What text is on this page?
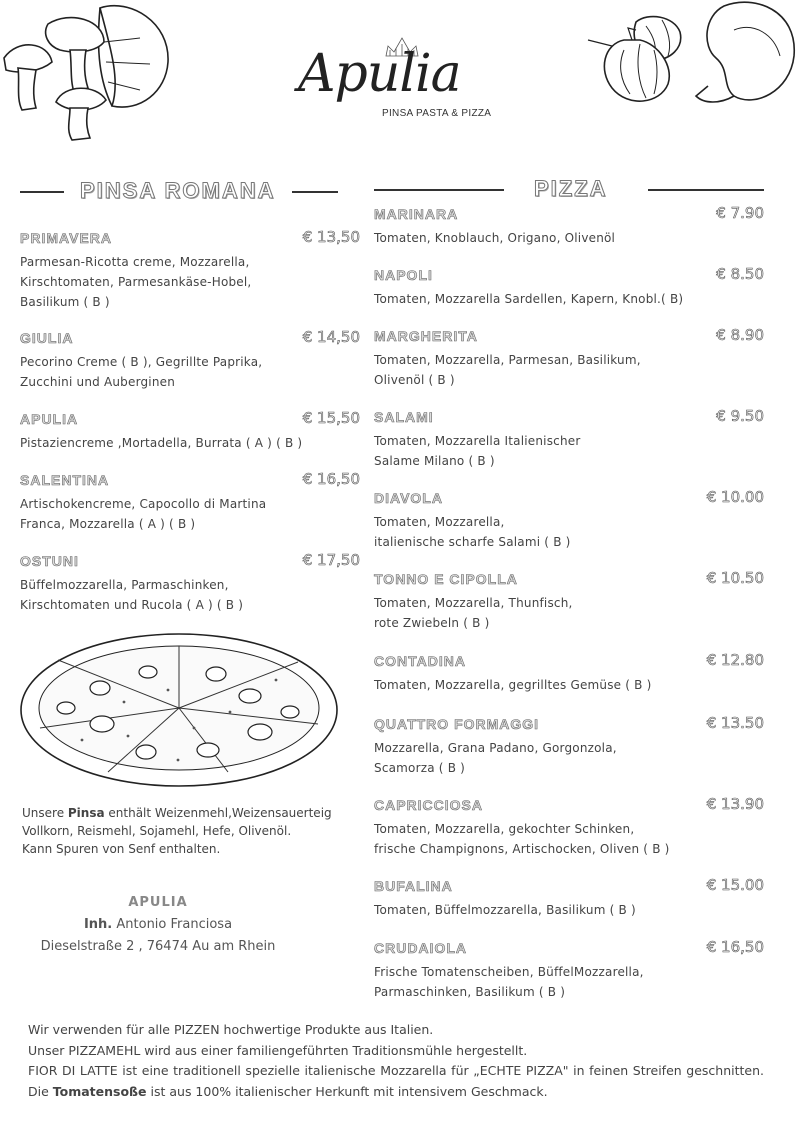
Apulia
PINSA PASTA & PIZZA
PINSA ROMANA
PRIMAVERA	€ 13,50
Parmesan-Ricotta creme, Mozzarella, Kirschtomaten, Parmesankäse-Hobel, Basilikum ( B )
GIULIA	€ 14,50
Pecorino Creme ( B ), Gegrillte Paprika, Zucchini und Auberginen
APULIA	€ 15,50
Pistaziencreme ,Mortadella, Burrata ( A ) ( B )
SALENTINA	€ 16,50
Artischokencreme, Capocollo di Martina Franca, Mozzarella ( A ) ( B )
OSTUNI	€ 17,50
Büffelmozzarella, Parmaschinken, Kirschtomaten und Rucola ( A ) ( B )
Unsere Pinsa enthält Weizenmehl,Weizensauerteig Vollkorn, Reismehl, Sojamehl, Hefe, Olivenöl.
Kann Spuren von Senf enthalten.
APULIA
Inh. Antonio Franciosa
Dieselstraße 2 , 76474 Au am Rhein
PIZZA
MARINARA	€ 7.90
Tomaten, Knoblauch, Origano, Olivenöl
NAPOLI	€ 8.50
Tomaten, Mozzarella Sardellen, Kapern, Knobl.( B)
MARGHERITA	€ 8.90
Tomaten, Mozzarella, Parmesan, Basilikum, Olivenöl ( B )
SALAMI	€ 9.50
Tomaten, Mozzarella Italienischer
Salame Milano ( B )
DIAVOLA	€ 10.00
Tomaten, Mozzarella,
italienische scharfe Salami ( B )
TONNO E CIPOLLA	€ 10.50
Tomaten, Mozzarella, Thunfisch,
rote Zwiebeln ( B )
CONTADINA	€ 12.80
Tomaten, Mozzarella, gegrilltes Gemüse ( B )
QUATTRO FORMAGGI	€ 13.50
Mozzarella, Grana Padano, Gorgonzola, Scamorza ( B )
CAPRICCIOSA	€ 13.90
Tomaten, Mozzarella, gekochter Schinken,
frische Champignons, Artischocken, Oliven ( B )
BUFALINA	€ 15.00
Tomaten, Büffelmozzarella, Basilikum ( B )
CRUDAIOLA	€ 16,50
Frische Tomatenscheiben, BüffelMozzarella,
Parmaschinken, Basilikum ( B )
Wir verwenden für alle PIZZEN hochwertige Produkte aus Italien.
Unser PIZZAMEHL wird aus einer familiengeführten Traditionsmühle hergestellt.
FIOR DI LATTE ist eine traditionell spezielle italienische Mozzarella für „ECHTE PIZZA" in feinen Streifen geschnitten. Die Tomatensoße ist aus 100% italienischer Herkunft mit intensivem Geschmack.
